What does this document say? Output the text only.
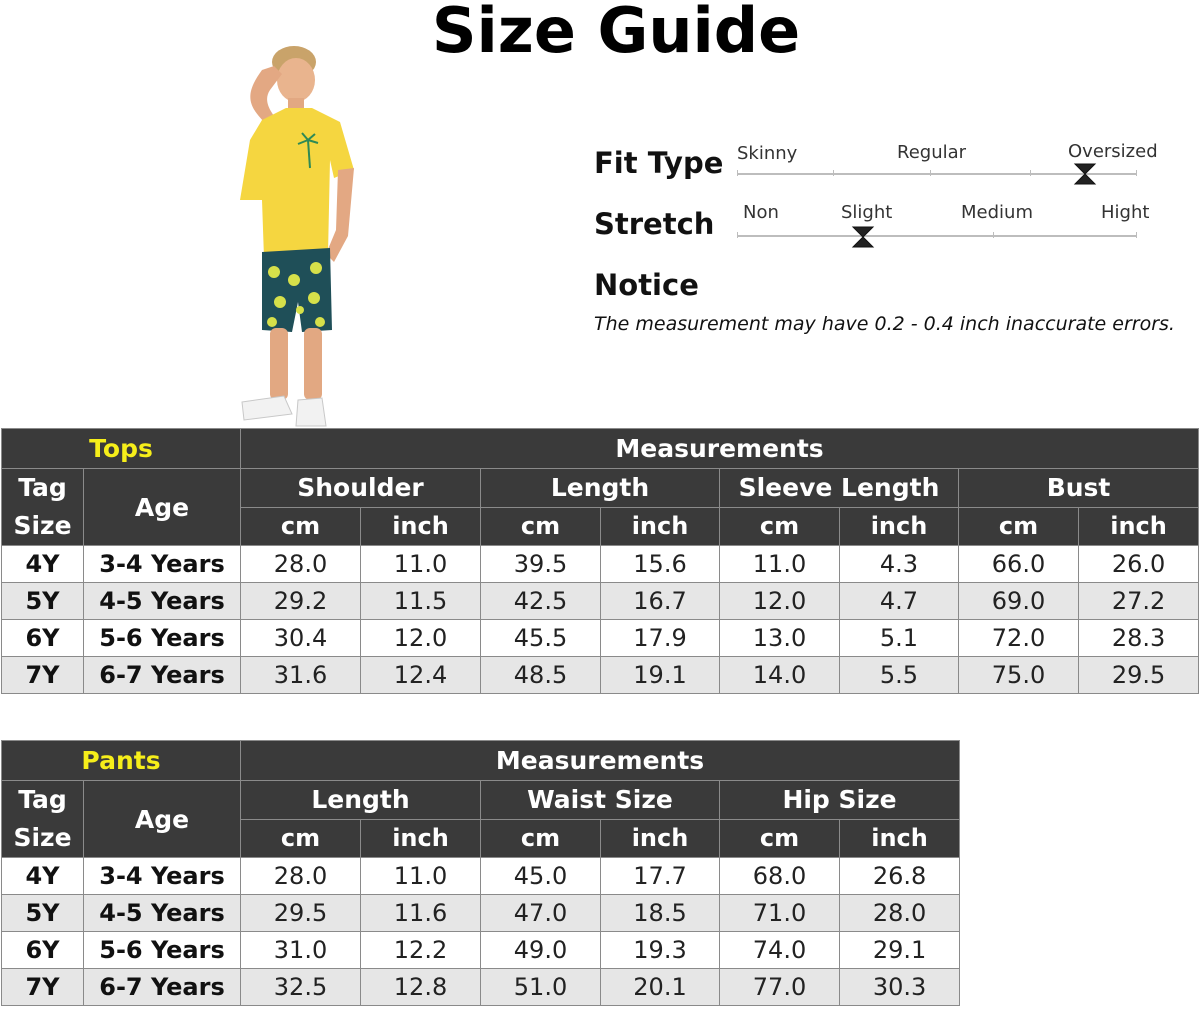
Size Guide
Fit Type Skinny	Regular	Oversized
Stretch Non	Slight	Medium	Hight
Notice
The measurement may have 0.2 - 0.4 inch inaccurate errors.
Tops		Measurements							
Tag
Size	Age	Shoulder		Length		Sleeve Length		Bust	
		cm	inch	cm	inch	cm	inch	cm	inch
4Y	3-4 Years	28.0	11.0	39.5	15.6	11.0	4.3	66.0	26.0
5Y	4-5 Years	29.2	11.5	42.5	16.7	12.0	4.7	69.0	27.2
6Y	5-6 Years	30.4	12.0	45.5	17.9	13.0	5.1	72.0	28.3
7Y	6-7 Years	31.6	12.4	48.5	19.1	14.0	5.5	75.0	29.5
Pants		Measurements					
Tag
Size	Age	Length		Waist Size		Hip Size	
		cm	inch	cm	inch	cm	inch
4Y	3-4 Years	28.0	11.0	45.0	17.7	68.0	26.8
5Y	4-5 Years	29.5	11.6	47.0	18.5	71.0	28.0
6Y	5-6 Years	31.0	12.2	49.0	19.3	74.0	29.1
7Y	6-7 Years	32.5	12.8	51.0	20.1	77.0	30.3
